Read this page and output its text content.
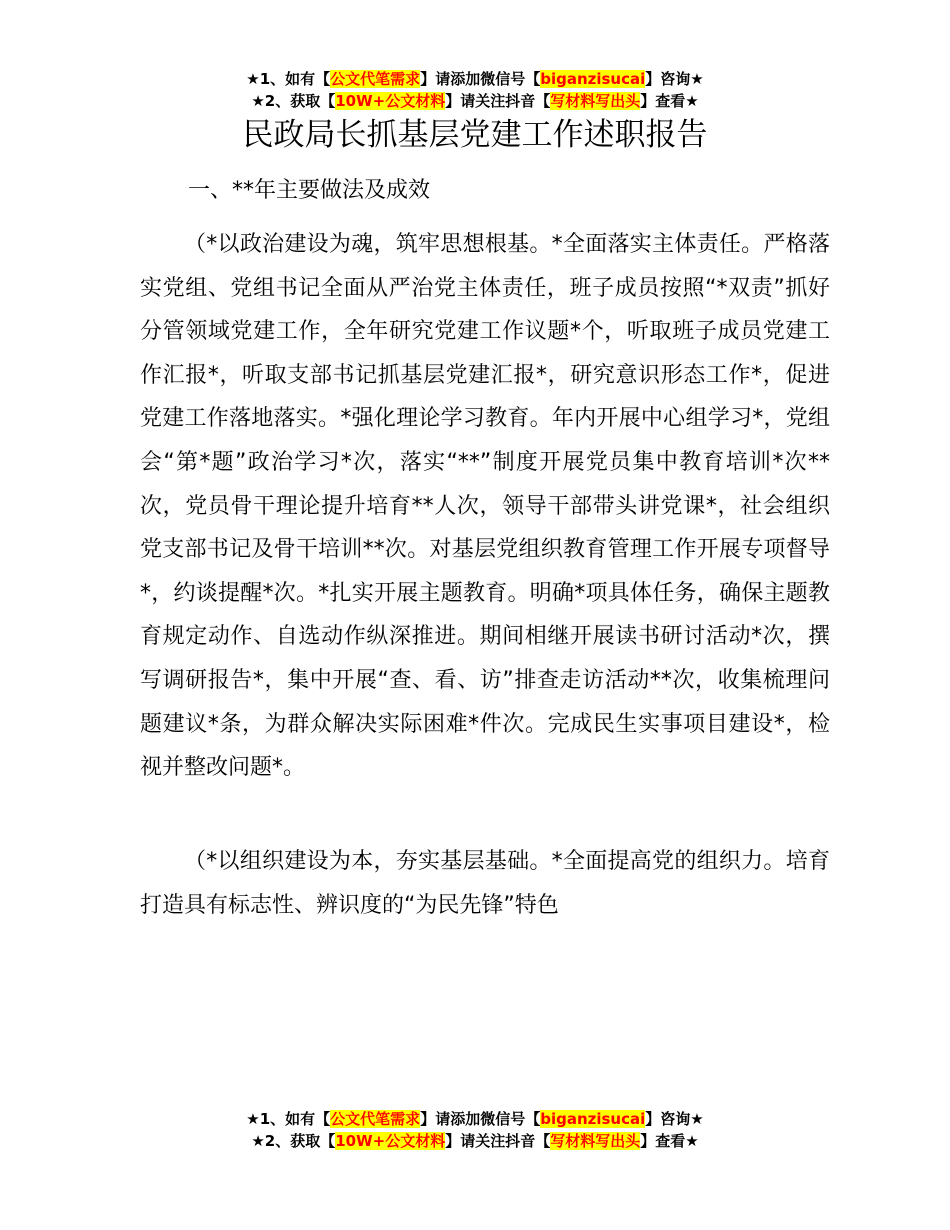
★1、如有【公文代笔需求】请添加微信号【biganzisucai】咨询★
★2、获取【10W+公文材料】请关注抖音【写材料写出头】查看★
民政局长抓基层党建工作述职报告
一、**年主要做法及成效

（*以政治建设为魂，筑牢思想根基。*全面落实主体责任。严格落实党组、党组书记全面从严治党主体责任，班子成员按照“*双责”抓好分管领域党建工作，全年研究党建工作议题*个，听取班子成员党建工作汇报*，听取支部书记抓基层党建汇报*，研究意识形态工作*，促进党建工作落地落实。*强化理论学习教育。年内开展中心组学习*，党组会“第*题”政治学习*次，落实“**”制度开展党员集中教育培训*次**次，党员骨干理论提升培育**人次，领导干部带头讲党课*，社会组织党支部书记及骨干培训**次。对基层党组织教育管理工作开展专项督导*，约谈提醒*次。*扎实开展主题教育。明确*项具体任务，确保主题教育规定动作、自选动作纵深推进。期间相继开展读书研讨活动*次，撰写调研报告*，集中开展“查、看、访”排查走访活动**次，收集梳理问题建议*条，为群众解决实际困难*件次。完成民生实事项目建设*，检视并整改问题*。

（*以组织建设为本，夯实基层基础。*全面提高党的组织力。培育打造具有标志性、辨识度的“为民先锋”特色

★1、如有【公文代笔需求】请添加微信号【biganzisucai】咨询★
★2、获取【10W+公文材料】请关注抖音【写材料写出头】查看★
